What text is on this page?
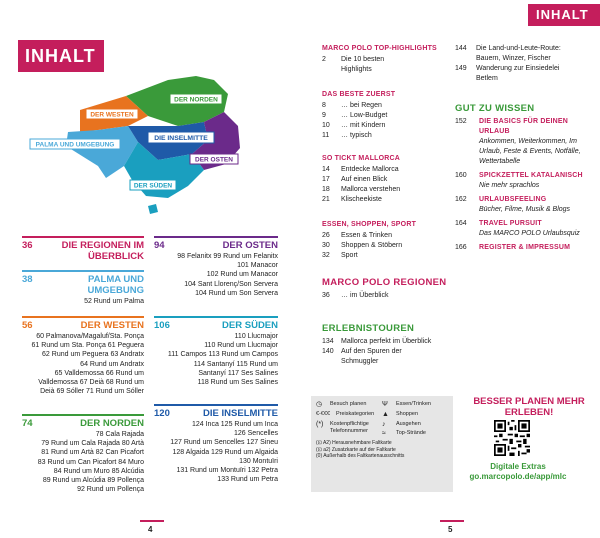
INHALT
DER WESTEN
DER NORDEN
PALMA UND UMGEBUNG
DIE INSELMITTE
DER OSTEN
DER SÜDEN
36	DIE REGIONEN IM ÜBERBLICK
38	PALMA UND UMGEBUNG
52 Rund um Palma
56	DER WESTEN
60 Palmanova/Magaluf/Sta. Ponça
61 Rund um Sta. Ponça 61 Peguera
62 Rund um Peguera 63 Andratx
64 Rund um Andratx
65 Valldemossa 66 Rund um
Valldemossa 67 Deià 68 Rund um
Deià 69 Sóller 71 Rund um Sóller
74	DER NORDEN
78 Cala Rajada
79 Rund um Cala Rajada 80 Artà
81 Rund um Artà 82 Can Picafort
83 Rund um Can Picafort 84 Muro
84 Rund um Muro 85 Alcúdia
89 Rund um Alcúdia 89 Pollença
92 Rund um Pollença
94	DER OSTEN
98 Felanitx 99 Rund um Felanitx
101 Manacor
102 Rund um Manacor
104 Sant Llorenç/Son Servera
104 Rund um Son Servera
106	DER SÜDEN
110 Llucmajor
110 Rund um Llucmajor
111 Campos 113 Rund um Campos
114 Santanyí 115 Rund um
Santanyí 117 Ses Salines
118 Rund um Ses Salines
120	DIE INSELMITTE
124 Inca 125 Rund um Inca
126 Sencelles
127 Rund um Sencelles 127 Sineu
128 Algaida 129 Rund um Algaida
130 Montuïri
131 Rund um Montuïri 132 Petra
133 Rund um Petra
4
INHALT
5
MARCO POLO TOP-HIGHLIGHTS
2	Die 10 besten Highlights
DAS BESTE ZUERST
8	… bei Regen
9	… Low-Budget
10	… mit Kindern
11	… typisch
SO TICKT MALLORCA
14	Entdecke Mallorca
17	Auf einen Blick
18	Mallorca verstehen
21	Klischeekiste
ESSEN, SHOPPEN, SPORT
26	Essen & Trinken
30	Shoppen & Stöbern
32	Sport
MARCO POLO REGIONEN
36	… im Überblick
ERLEBNISTOUREN
134	Mallorca perfekt im Überblick
140	Auf den Spuren der Schmuggler
144	Die Land-und-Leute-Route: Bauern, Winzer, Fischer
149	Wanderung zur Einsiedelei Betlem
GUT ZU WISSEN
152	DIE BASICS FÜR DEINEN URLAUB
Ankommen, Weiterkommen, Im Urlaub, Feste & Events, Notfälle, Wettertabelle
160	SPICKZETTEL KATALANISCH
Nie mehr sprachlos
162	URLAUBSFEELING
Bücher, Filme, Musik & Blogs
164	TRAVEL PURSUIT
Das MARCO POLO Urlaubsquiz
166	REGISTER & IMPRESSUM
◷	Besuch planen Ψ	Essen/Trinken
€-€€€	Preiskategorien ▲	Shoppen
(*)	Kostenpflichtige Telefonnummer
♪	Ausgehen
≈	Top-Strände
(⊡ A2) Herausnehmbare Faltkarte
(⊡ a2) Zusatzkarte auf der Faltkarte
(0) Außerhalb des Faltkartenausschnitts
BESSER PLANEN MEHR ERLEBEN!
Digitale Extras
go.marcopolo.de/app/mlc
